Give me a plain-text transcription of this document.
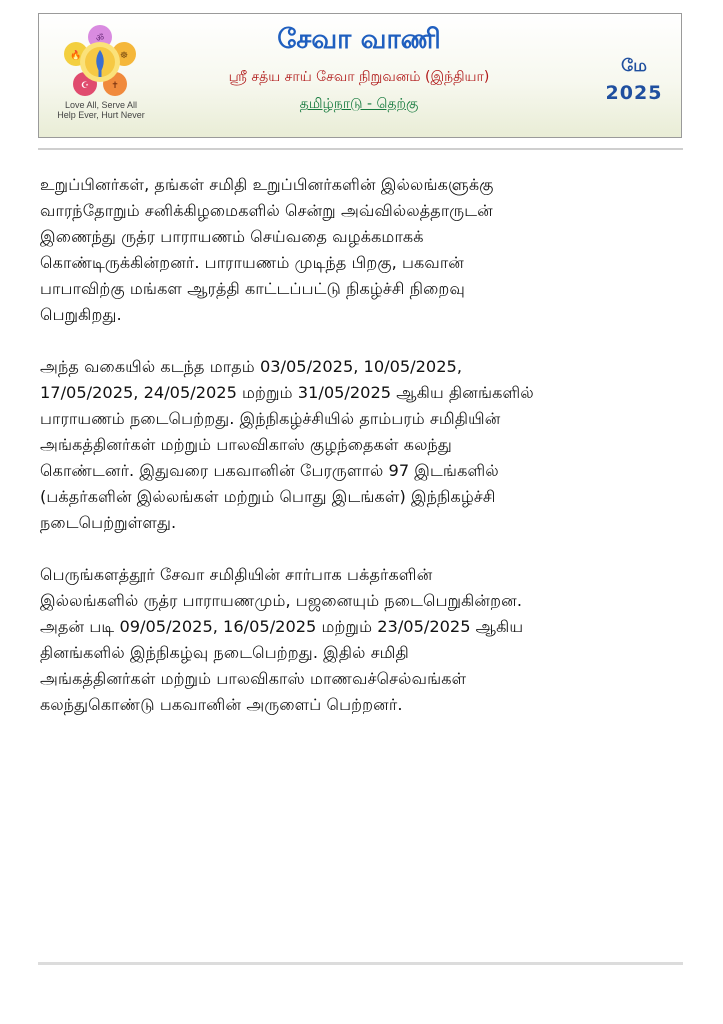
ॐ
☸
✝
☪
🔥
Love All, Serve All
Help Ever, Hurt Never
சேவா வாணி
ஸ்ரீ சத்ய சாய் சேவா நிறுவனம் (இந்தியா)
தமிழ்நாடு - தெற்கு
மே
2025

உறுப்பினர்கள், தங்கள் சமிதி உறுப்பினர்களின் இல்லங்களுக்கு
வாரந்தோறும் சனிக்கிழமைகளில் சென்று அவ்வில்லத்தாருடன்
இணைந்து ருத்ர பாராயணம் செய்வதை வழக்கமாகக்
கொண்டிருக்கின்றனர். பாராயணம் முடிந்த பிறகு, பகவான்
பாபாவிற்கு மங்கள ஆரத்தி காட்டப்பட்டு நிகழ்ச்சி நிறைவு
பெறுகிறது.

அந்த வகையில் கடந்த மாதம் 03/05/2025, 10/05/2025,
17/05/2025, 24/05/2025 மற்றும் 31/05/2025 ஆகிய தினங்களில்
பாராயணம் நடைபெற்றது. இந்நிகழ்ச்சியில் தாம்பரம் சமிதியின்
அங்கத்தினர்கள் மற்றும் பாலவிகாஸ் குழந்தைகள் கலந்து
கொண்டனர். இதுவரை பகவானின் பேரருளால் 97 இடங்களில்
(பக்தர்களின் இல்லங்கள் மற்றும் பொது இடங்கள்) இந்நிகழ்ச்சி
நடைபெற்றுள்ளது.

பெருங்களத்தூர் சேவா சமிதியின் சார்பாக பக்தர்களின்
இல்லங்களில் ருத்ர பாராயணமும், பஜனையும் நடைபெறுகின்றன.
அதன் படி 09/05/2025, 16/05/2025 மற்றும் 23/05/2025 ஆகிய
தினங்களில் இந்நிகழ்வு நடைபெற்றது. இதில் சமிதி
அங்கத்தினர்கள் மற்றும் பாலவிகாஸ் மாணவச்செல்வங்கள்
கலந்துகொண்டு பகவானின் அருளைப் பெற்றனர்.
